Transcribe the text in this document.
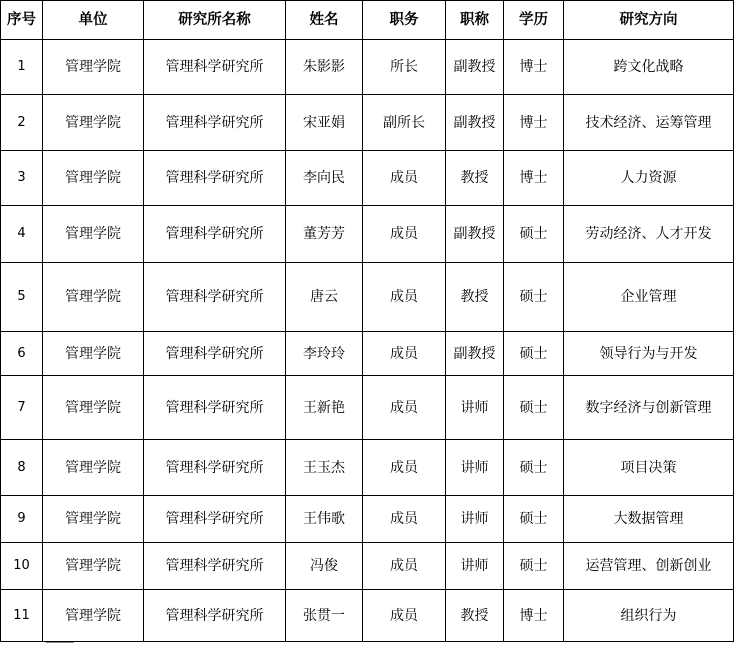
序号	单位	研究所名称	姓名	职务	职称	学历	研究方向
1	管理学院	管理科学研究所	朱影影	所长	副教授	博士	跨文化战略
2	管理学院	管理科学研究所	宋亚娟	副所长	副教授	博士	技术经济、运筹管理
3	管理学院	管理科学研究所	李向民	成员	教授	博士	人力资源
4	管理学院	管理科学研究所	董芳芳	成员	副教授	硕士	劳动经济、人才开发
5	管理学院	管理科学研究所	唐云	成员	教授	硕士	企业管理
6	管理学院	管理科学研究所	李玲玲	成员	副教授	硕士	领导行为与开发
7	管理学院	管理科学研究所	王新艳	成员	讲师	硕士	数字经济与创新管理
8	管理学院	管理科学研究所	王玉杰	成员	讲师	硕士	项目决策
9	管理学院	管理科学研究所	王伟歌	成员	讲师	硕士	大数据管理
10	管理学院	管理科学研究所	冯俊	成员	讲师	硕士	运营管理、创新创业
11	管理学院	管理科学研究所	张贯一	成员	教授	博士	组织行为
